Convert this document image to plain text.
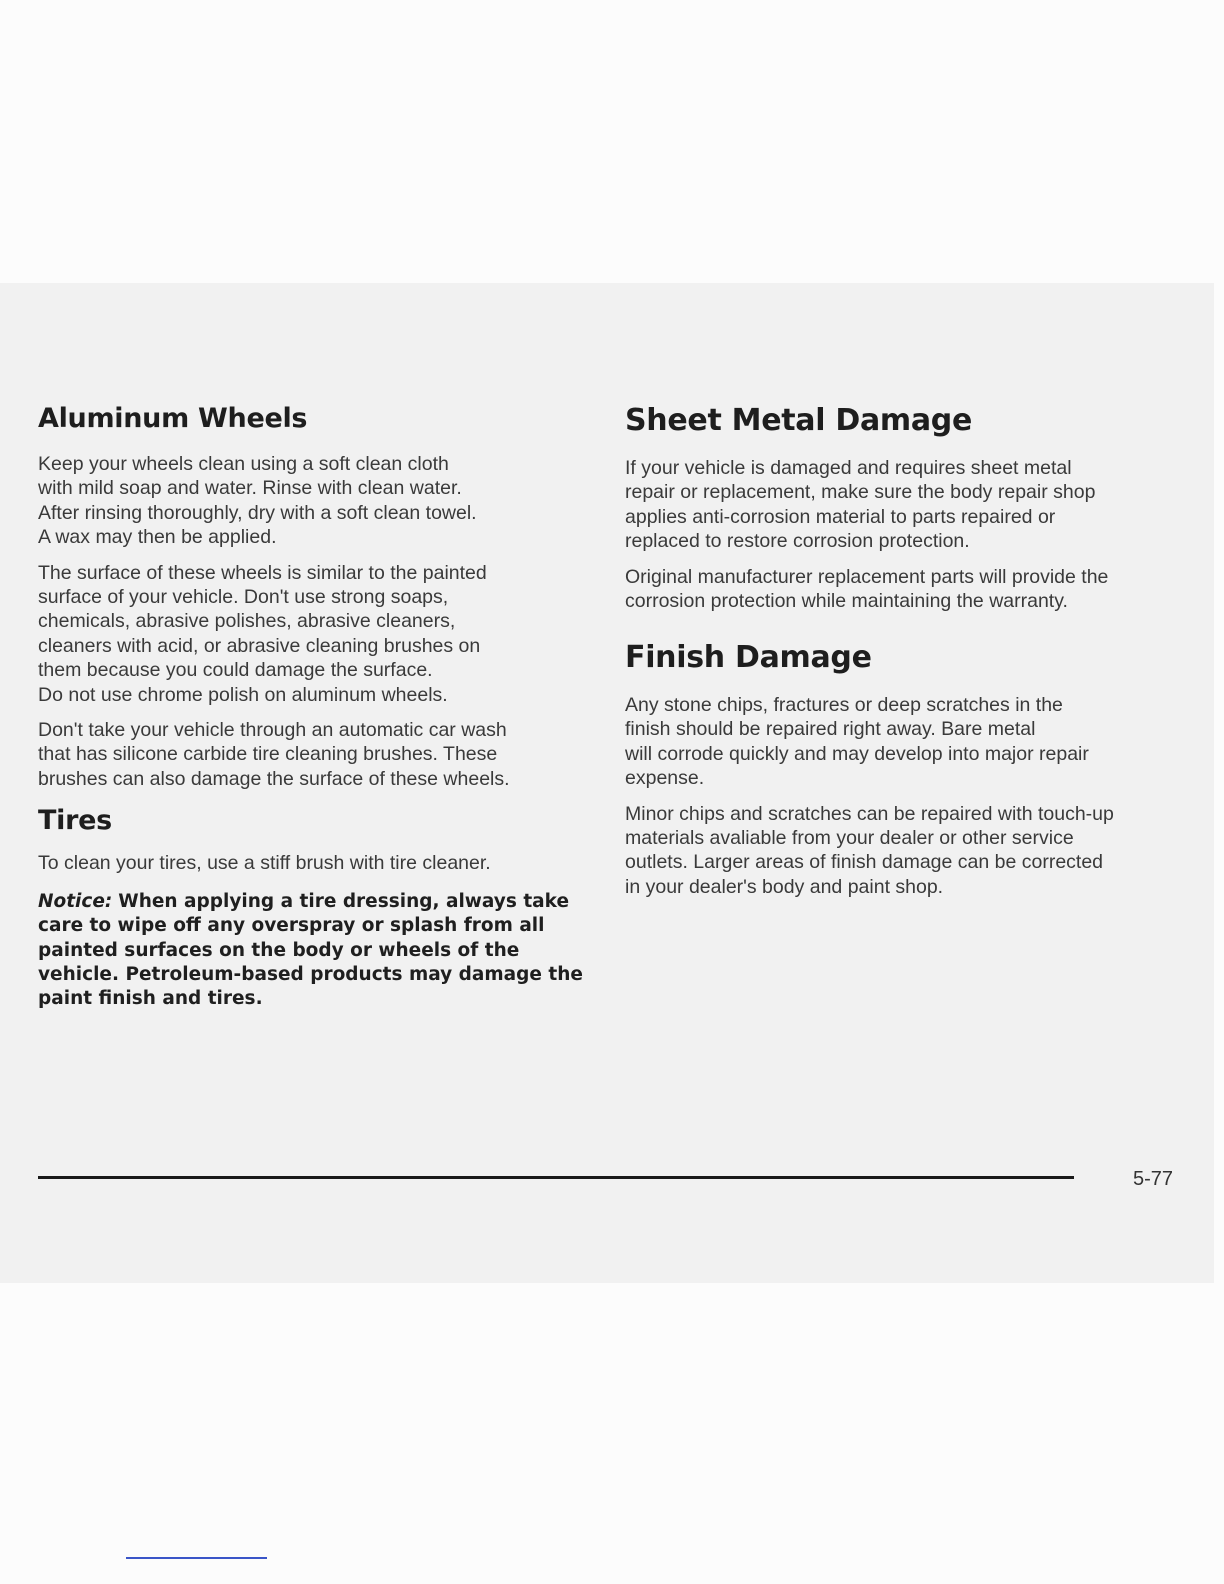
Aluminum Wheels

Keep your wheels clean using a soft clean cloth
with mild soap and water. Rinse with clean water.
After rinsing thoroughly, dry with a soft clean towel.
A wax may then be applied.

The surface of these wheels is similar to the painted
surface of your vehicle. Don't use strong soaps,
chemicals, abrasive polishes, abrasive cleaners,
cleaners with acid, or abrasive cleaning brushes on
them because you could damage the surface.
Do not use chrome polish on aluminum wheels.

Don't take your vehicle through an automatic car wash
that has silicone carbide tire cleaning brushes. These
brushes can also damage the surface of these wheels.

Tires

To clean your tires, use a stiff brush with tire cleaner.

Notice: When applying a tire dressing, always take
care to wipe off any overspray or splash from all
painted surfaces on the body or wheels of the
vehicle. Petroleum-based products may damage the
paint finish and tires.
Sheet Metal Damage

If your vehicle is damaged and requires sheet metal
repair or replacement, make sure the body repair shop
applies anti-corrosion material to parts repaired or
replaced to restore corrosion protection.

Original manufacturer replacement parts will provide the
corrosion protection while maintaining the warranty.

Finish Damage

Any stone chips, fractures or deep scratches in the
finish should be repaired right away. Bare metal
will corrode quickly and may develop into major repair
expense.

Minor chips and scratches can be repaired with touch-up
materials avaliable from your dealer or other service
outlets. Larger areas of finish damage can be corrected
in your dealer's body and paint shop.

5-77
